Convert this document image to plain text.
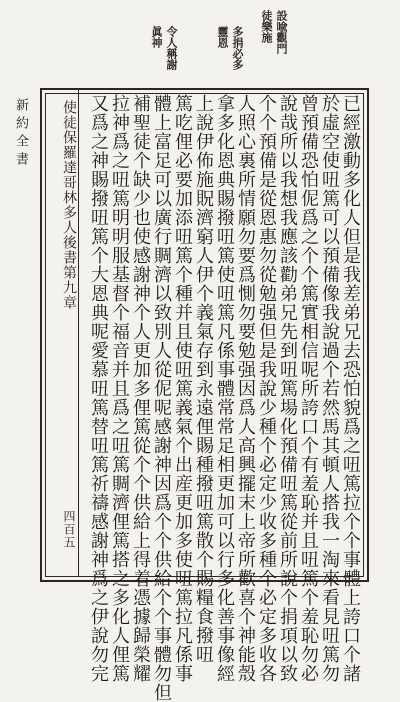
設喩觀門
徒樂施
多捐必多
靈恩
令人稱謝
眞神
已經激動多化人但是我差弟兄去恐怕貌爲之吜篤拉个个事體上誇口个諸
於虛空使吜篤可以預備像我說過个若然馬其頓人搭我一淘來看見吜篤勿
曾預備恐怕伲爲之个个篤實相信呢所誇口个有羞恥并且吜篤个羞恥勿必
說哉所以我想我應該勸弟兄先到吜篤場化預備吜篤從前所說个捐項以致
个个預備是從恩惠勿從勉强但是我說少種个必定少收多種个必定多收各
人照心裏所情願勿要爲惻勿要勉强因爲人高興擺末上帝所歡喜个神能殼
拿多化恩典賜撥吜篤使吜篤凡係事體常常足相更加可以行多化善事像經
上說伊佈施貺濟窮人伊个義氣存到永遠俚賜種撥吜篤散个賜糧食撥吜
篤吃俚必要加添吜篤个種并且使吜篤義氣个出産更加多使吜篤拉凡係事
體上富足可以廣行賙濟以致別人從伲呢感謝神因爲个个供給个个事體勿但
補聖徒个缺少也使感謝神个人更加多俚篤從个个供給上得着憑據歸榮耀
拉神爲之吜篤明明服基督个福音并且爲之吜篤賙濟俚篤搭之多化人俚篤
又爲之神賜撥吜篤个大恩典呢愛慕吜篤替吜篤祈禱感謝神爲之伊說勿完
使徒保羅達哥林多人後書第九章
四百五
新約全書
